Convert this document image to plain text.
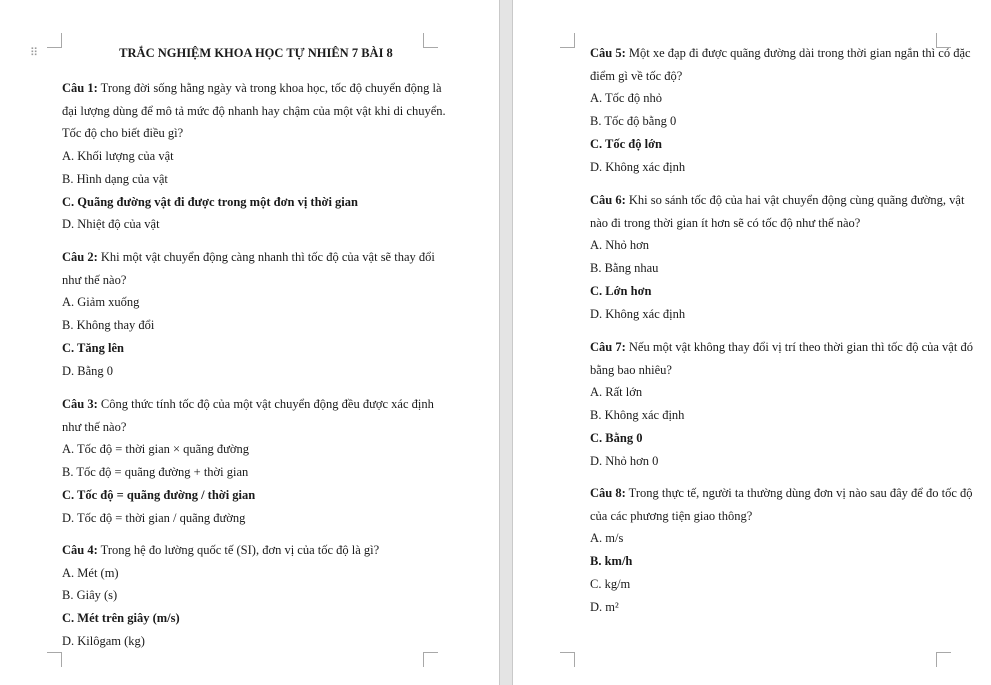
⠿	TRẮC NGHIỆM KHOA HỌC TỰ NHIÊN 7 BÀI 8

Câu 1: Trong đời sống hằng ngày và trong khoa học, tốc độ chuyển động là đại lượng dùng để mô tả mức độ nhanh hay chậm của một vật khi di chuyển. Tốc độ cho biết điều gì?

A. Khối lượng của vật

B. Hình dạng của vật

C. Quãng đường vật đi được trong một đơn vị thời gian

D. Nhiệt độ của vật

Câu 2: Khi một vật chuyển động càng nhanh thì tốc độ của vật sẽ thay đổi như thế nào?

A. Giảm xuống

B. Không thay đổi

C. Tăng lên

D. Bằng 0

Câu 3: Công thức tính tốc độ của một vật chuyển động đều được xác định như thế nào?

A. Tốc độ = thời gian × quãng đường

B. Tốc độ = quãng đường + thời gian

C. Tốc độ = quãng đường / thời gian

D. Tốc độ = thời gian / quãng đường

Câu 4: Trong hệ đo lường quốc tế (SI), đơn vị của tốc độ là gì?

A. Mét (m)

B. Giây (s)

C. Mét trên giây (m/s)

D. Kilôgam (kg)

Câu 5: Một xe đạp đi được quãng đường dài trong thời gian ngắn thì có đặc điểm gì về tốc độ?

A. Tốc độ nhỏ

B. Tốc độ bằng 0

C. Tốc độ lớn

D. Không xác định

Câu 6: Khi so sánh tốc độ của hai vật chuyển động cùng quãng đường, vật nào đi trong thời gian ít hơn sẽ có tốc độ như thế nào?

A. Nhỏ hơn

B. Bằng nhau

C. Lớn hơn

D. Không xác định

Câu 7: Nếu một vật không thay đổi vị trí theo thời gian thì tốc độ của vật đó bằng bao nhiêu?

A. Rất lớn

B. Không xác định

C. Bằng 0

D. Nhỏ hơn 0

Câu 8: Trong thực tế, người ta thường dùng đơn vị nào sau đây để đo tốc độ của các phương tiện giao thông?

A. m/s

B. km/h

C. kg/m

D. m²
